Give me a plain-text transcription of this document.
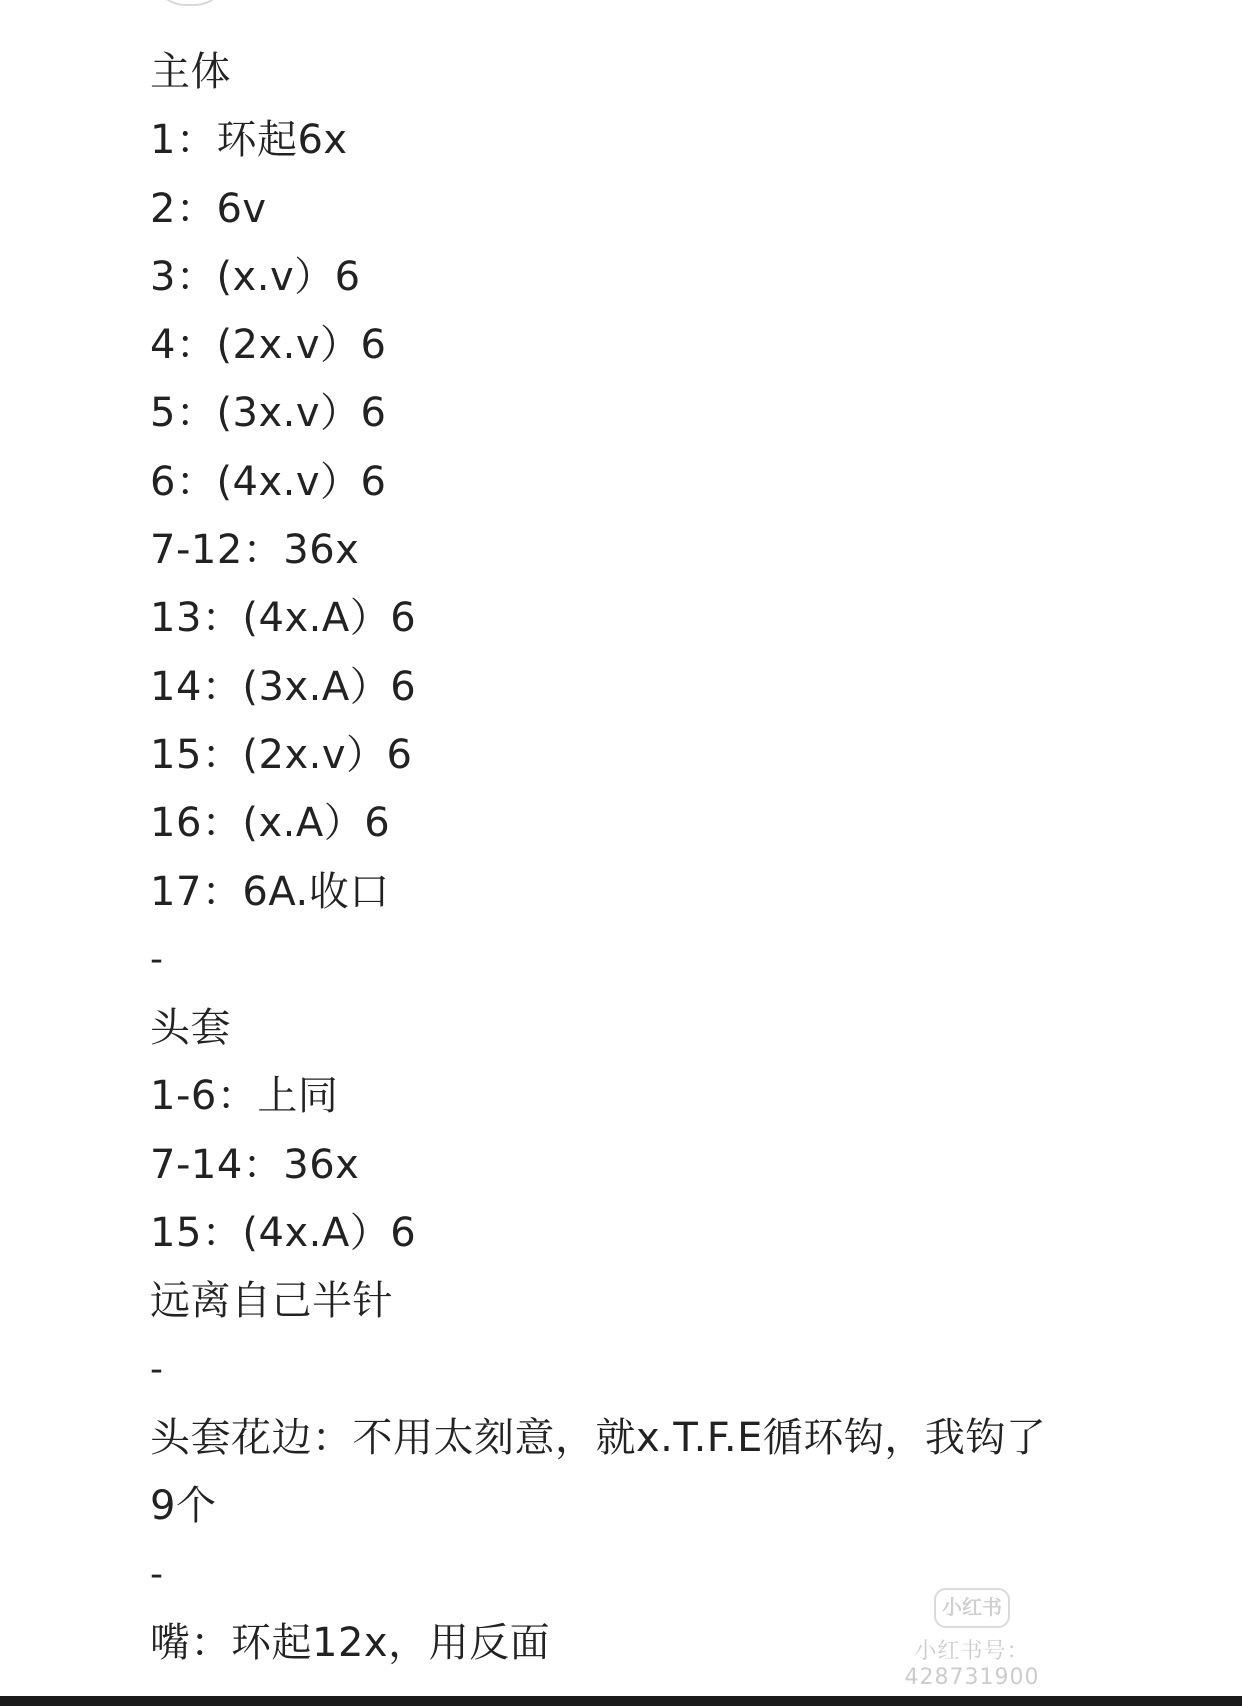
主体
1：环起6x
2：6v
3：(x.v）6
4：(2x.v）6
5：(3x.v）6
6：(4x.v）6
7-12：36x
13：(4x.A）6
14：(3x.A）6
15：(2x.v）6
16：(x.A）6
17：6A.收口
-
头套
1-6：上同
7-14：36x
15：(4x.A）6
远离自己半针
-
头套花边：不用太刻意，就x.T.F.E循环钩，我钩了9个
-
嘴：环起12x，用反面
小红书
小红书号：428731900
